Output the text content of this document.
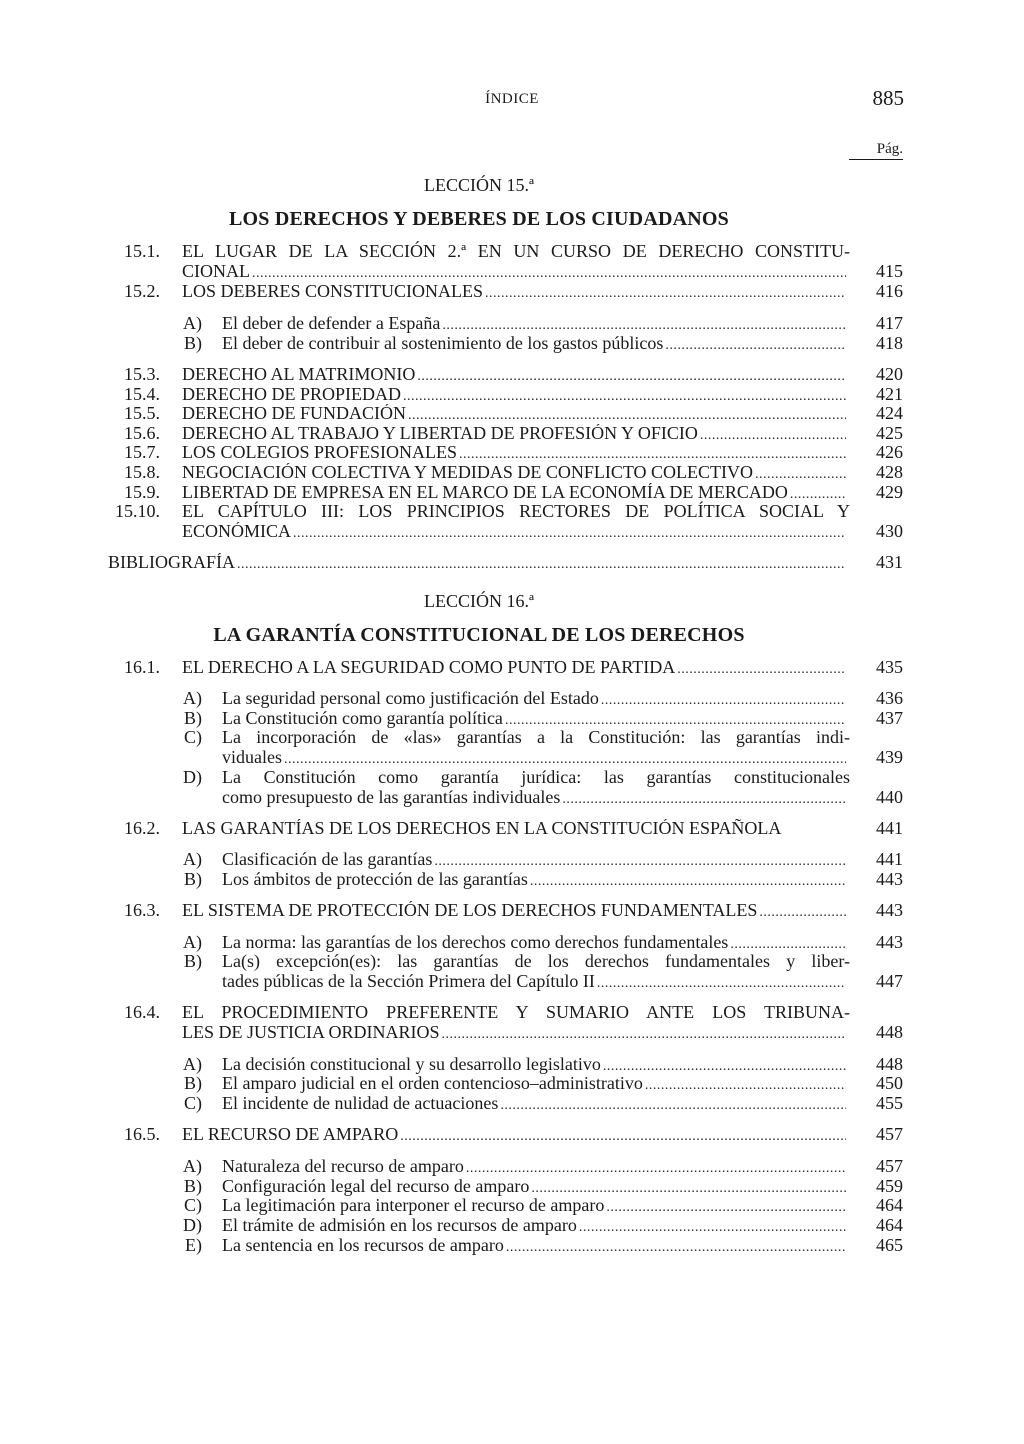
ÍNDICE	885
Pág.
LECCIÓN 15.ª
LOS DERECHOS Y DEBERES DE LOS CIUDADANOS
15.1. EL LUGAR DE LA SECCIÓN 2.ª EN UN CURSO DE DERECHO CONSTITU-
CIONAL .....	415
15.2. LOS DEBERES CONSTITUCIONALES .....	416
A) El deber de defender a España .....	417
B) El deber de contribuir al sostenimiento de los gastos públicos .....	418
15.3. DERECHO AL MATRIMONIO .....	420
15.4. DERECHO DE PROPIEDAD .....	421
15.5. DERECHO DE FUNDACIÓN .....	424
15.6. DERECHO AL TRABAJO Y LIBERTAD DE PROFESIÓN Y OFICIO .....	425
15.7. LOS COLEGIOS PROFESIONALES .....	426
15.8. NEGOCIACIÓN COLECTIVA Y MEDIDAS DE CONFLICTO COLECTIVO .....	428
15.9. LIBERTAD DE EMPRESA EN EL MARCO DE LA ECONOMÍA DE MERCADO .....	429
15.10. EL CAPÍTULO III: LOS PRINCIPIOS RECTORES DE POLÍTICA SOCIAL Y
ECONÓMICA .....	430
BIBLIOGRAFÍA .....	431
LECCIÓN 16.ª
LA GARANTÍA CONSTITUCIONAL DE LOS DERECHOS
16.1. EL DERECHO A LA SEGURIDAD COMO PUNTO DE PARTIDA .....	435
A) La seguridad personal como justificación del Estado .....	436
B) La Constitución como garantía política .....	437
C) La incorporación de «las» garantías a la Constitución: las garantías indi-
viduales .....	439
D) La Constitución como garantía jurídica: las garantías constitucionales
como presupuesto de las garantías individuales .....	440
16.2. LAS GARANTÍAS DE LOS DERECHOS EN LA CONSTITUCIÓN ESPAÑOLA	441
A) Clasificación de las garantías .....	441
B) Los ámbitos de protección de las garantías .....	443
16.3. EL SISTEMA DE PROTECCIÓN DE LOS DERECHOS FUNDAMENTALES .....	443
A) La norma: las garantías de los derechos como derechos fundamentales .....	443
B) La(s) excepción(es): las garantías de los derechos fundamentales y liber-
tades públicas de la Sección Primera del Capítulo II .....	447
16.4. EL PROCEDIMIENTO PREFERENTE Y SUMARIO ANTE LOS TRIBUNA-
LES DE JUSTICIA ORDINARIOS .....	448
A) La decisión constitucional y su desarrollo legislativo .....	448
B) El amparo judicial en el orden contencioso–administrativo .....	450
C) El incidente de nulidad de actuaciones .....	455
16.5. EL RECURSO DE AMPARO .....	457
A) Naturaleza del recurso de amparo .....	457
B) Configuración legal del recurso de amparo .....	459
C) La legitimación para interponer el recurso de amparo .....	464
D) El trámite de admisión en los recursos de amparo .....	464
E) La sentencia en los recursos de amparo .....	465
